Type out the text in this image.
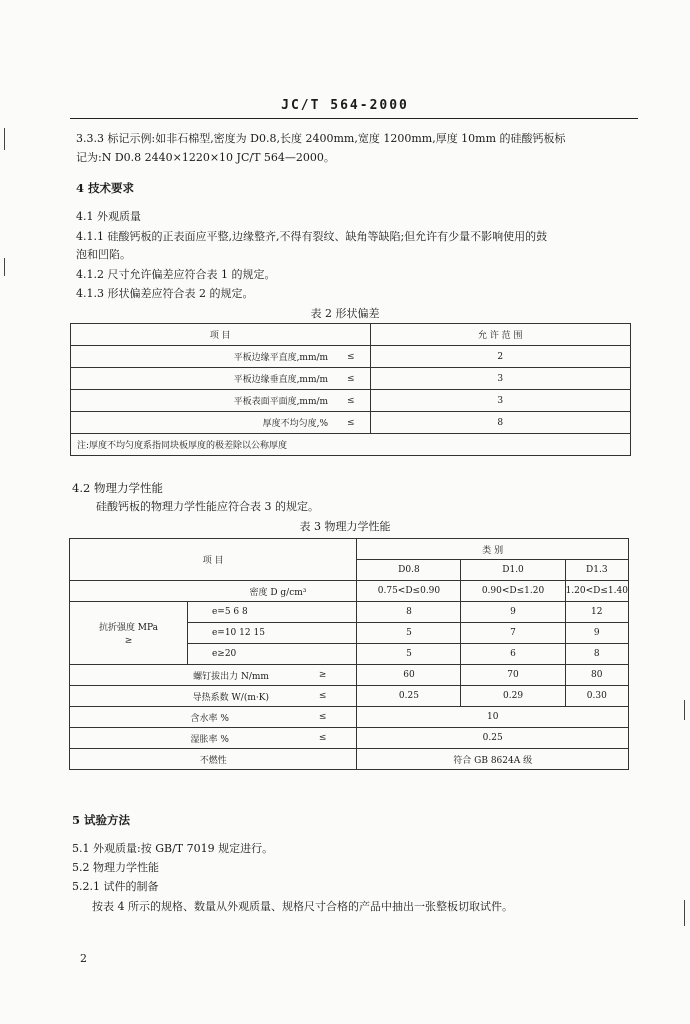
JC/T 564-2000
3.3.3 标记示例:如非石棉型,密度为 D0.8,长度 2400mm,宽度 1200mm,厚度 10mm 的硅酸钙板标
记为:N D0.8 2440×1220×10 JC/T 564—2000。
4 技术要求
4.1 外观质量
4.1.1 硅酸钙板的正表面应平整,边缘整齐,不得有裂纹、缺角等缺陷;但允许有少量不影响使用的鼓
泡和凹陷。
4.1.2 尺寸允许偏差应符合表 1 的规定。
4.1.3 形状偏差应符合表 2 的规定。
表 2 形状偏差
项 目		允 许 范 围
平板边缘平直度,mm/m	≤	2
平板边缘垂直度,mm/m	≤	3
平板表面平面度,mm/m	≤	3
厚度不均匀度,%	≤	8
注:厚度不均匀度系指同块板厚度的极差除以公称厚度		
4.2 物理力学性能
硅酸钙板的物理力学性能应符合表 3 的规定。
表 3 物理力学性能
项 目			类 别		
			D0.8	D1.0	D1.3
密度 D g/cm³			0.75<D≤0.90	0.90<D≤1.20	1.20<D≤1.40

抗折强度 MPa
≥	e=5 6 8		8	9	12
	e=10 12 15		5	7	9
	e≥20		5	6	8
螺钉拔出力 N/mm		≥	60	70	80
导热系数 W/(m·K)		≤	0.25	0.29	0.30
含水率 %		≤	10		
湿胀率 %		≤	0.25		
不燃性			符合 GB 8624A 级		
5 试验方法
5.1 外观质量:按 GB/T 7019 规定进行。
5.2 物理力学性能
5.2.1 试件的制备
按表 4 所示的规格、数量从外观质量、规格尺寸合格的产品中抽出一张整板切取试件。
2
